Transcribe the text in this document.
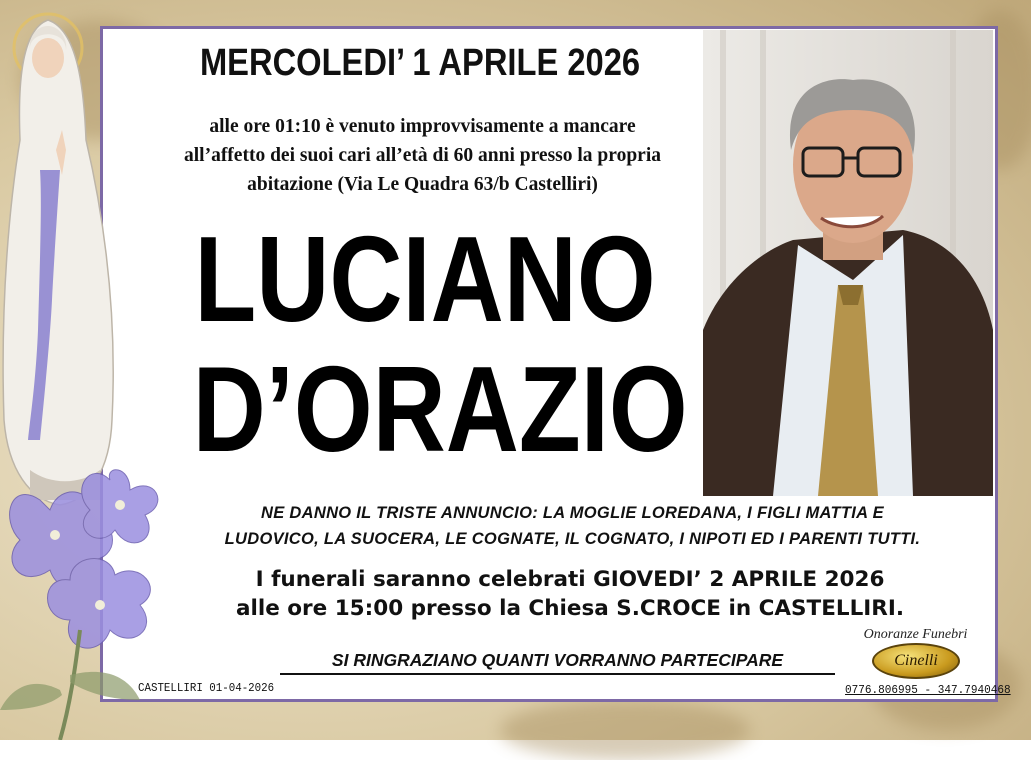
MERCOLEDI’ 1 APRILE 2026
alle ore 01:10 è venuto improvvisamente a mancare
all’affetto dei suoi cari all’età di 60 anni presso la propria
abitazione (Via Le Quadra 63/b Castelliri)
LUCIANO
D’ORAZIO
NE DANNO IL TRISTE ANNUNCIO: LA MOGLIE LOREDANA, I FIGLI MATTIA E
LUDOVICO, LA SUOCERA, LE COGNATE, IL COGNATO, I NIPOTI ED I PARENTI TUTTI.
I funerali saranno celebrati GIOVEDI’ 2 APRILE 2026
alle ore 15:00 presso la Chiesa S.CROCE in CASTELLIRI.
SI RINGRAZIANO QUANTI VORRANNO PARTECIPARE
CASTELLIRI 01-04-2026
Onoranze Funebri
Cinelli
0776.806995 - 347.7940468
